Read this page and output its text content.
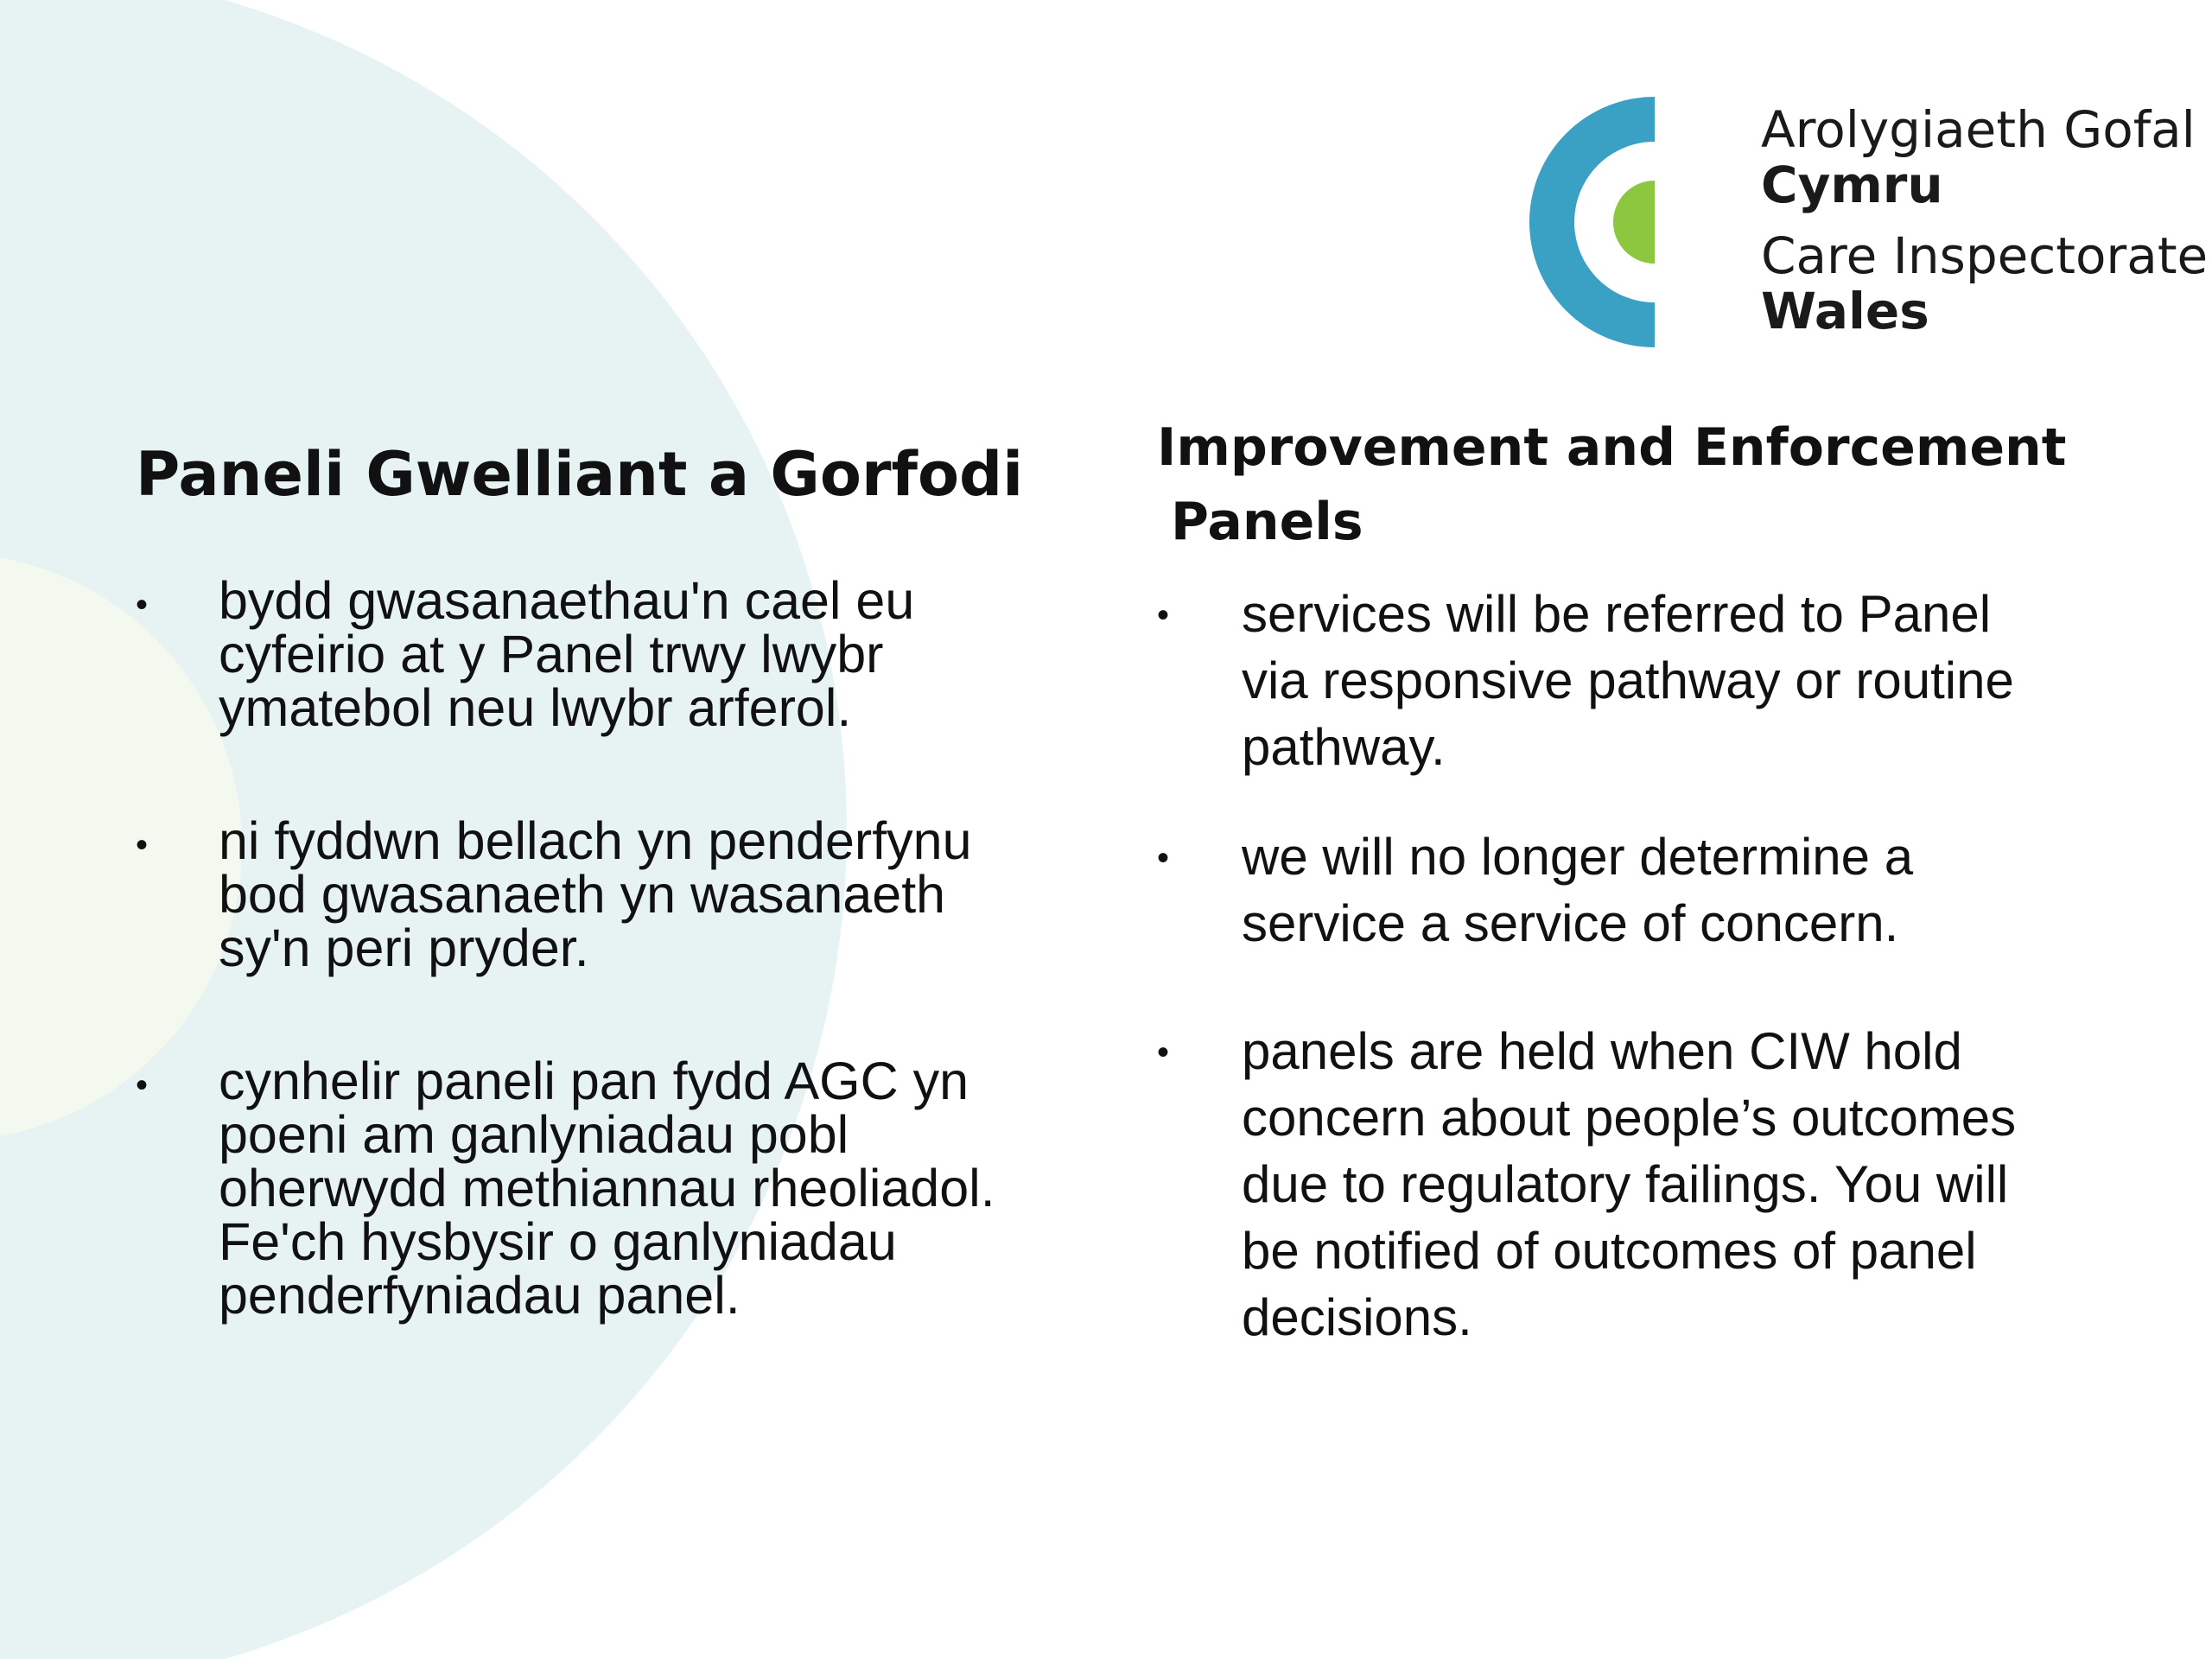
Arolygiaeth Gofal
Cymru
Care Inspectorate
Wales
Paneli Gwelliant a Gorfodi	Improvement and Enforcement
Panels
• bydd gwasanaethau'n cael eu
cyfeirio at y Panel trwy lwybr
ymatebol neu lwybr arferol.
• ni fyddwn bellach yn penderfynu
bod gwasanaeth yn wasanaeth
sy'n peri pryder.
• cynhelir paneli pan fydd AGC yn
poeni am ganlyniadau pobl
oherwydd methiannau rheoliadol.
Fe'ch hysbysir o ganlyniadau
penderfyniadau panel.
• services will be referred to Panel
via responsive pathway or routine
pathway.
• we will no longer determine a
service a service of concern.
• panels are held when CIW hold
concern about people’s outcomes
due to regulatory failings. You will
be notified of outcomes of panel
decisions.
